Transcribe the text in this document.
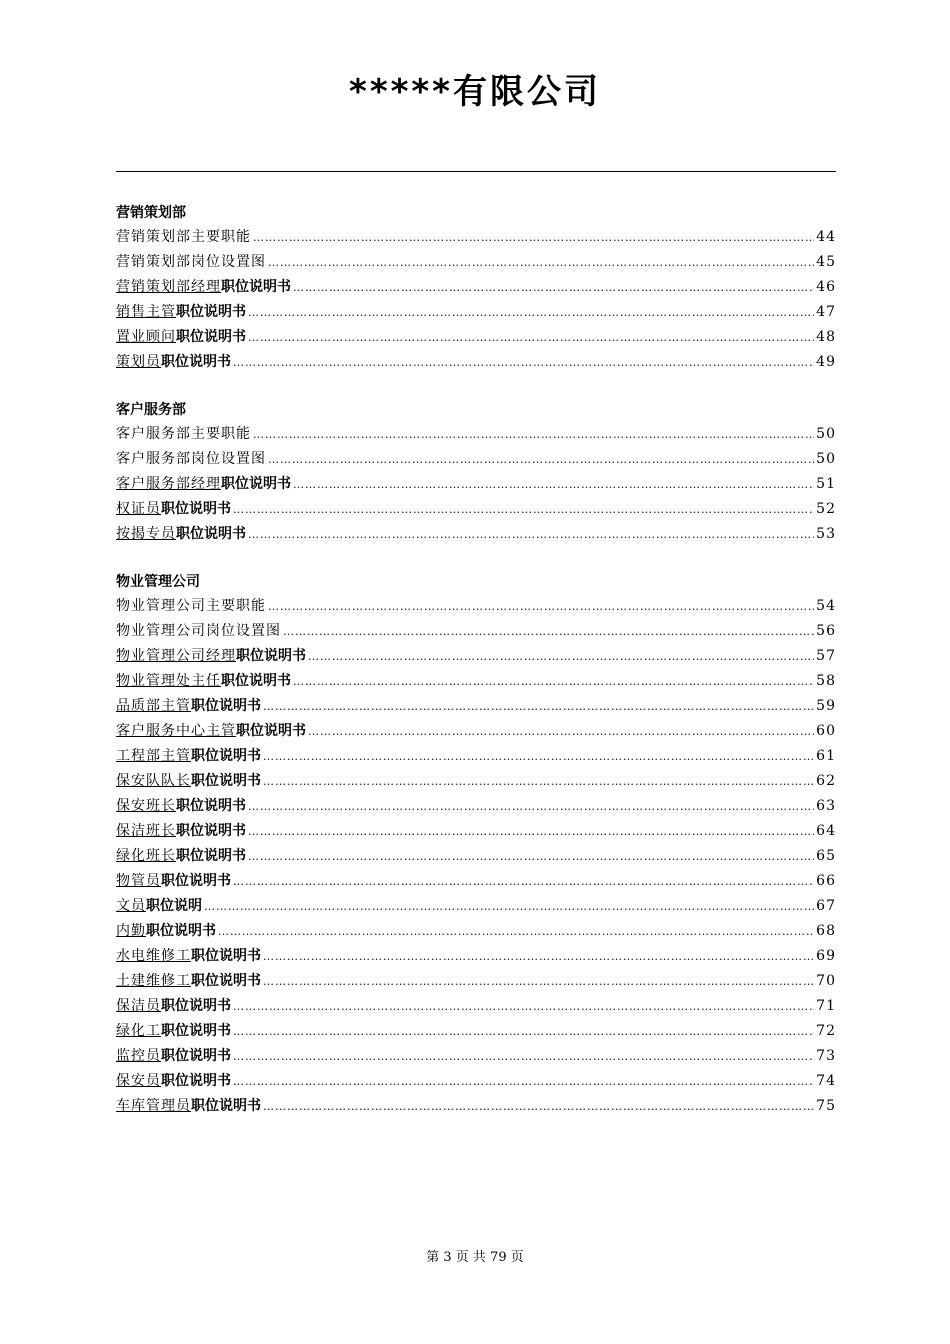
*****有限公司
营销策划部
营销策划部主要职能 ……………………………………………………………………………………………………………………………………………………………………………………	44
营销策划部岗位设置图 ……………………………………………………………………………………………………………………………………………………………………………………	45
营销策划部经理职位说明书 ……………………………………………………………………………………………………………………………………………………………………………………	46
销售主管职位说明书 ……………………………………………………………………………………………………………………………………………………………………………………	47
置业顾问职位说明书 ……………………………………………………………………………………………………………………………………………………………………………………	48
策划员职位说明书 ……………………………………………………………………………………………………………………………………………………………………………………	49
客户服务部
客户服务部主要职能 ……………………………………………………………………………………………………………………………………………………………………………………	50
客户服务部岗位设置图 ……………………………………………………………………………………………………………………………………………………………………………………	50
客户服务部经理职位说明书 ……………………………………………………………………………………………………………………………………………………………………………………	51
权证员职位说明书 ……………………………………………………………………………………………………………………………………………………………………………………	52
按揭专员职位说明书 ……………………………………………………………………………………………………………………………………………………………………………………	53
物业管理公司
物业管理公司主要职能 ……………………………………………………………………………………………………………………………………………………………………………………	54
物业管理公司岗位设置图 ……………………………………………………………………………………………………………………………………………………………………………………	56
物业管理公司经理职位说明书 ……………………………………………………………………………………………………………………………………………………………………………………	57
物业管理处主任职位说明书 ……………………………………………………………………………………………………………………………………………………………………………………	58
品质部主管职位说明书 ……………………………………………………………………………………………………………………………………………………………………………………	59
客户服务中心主管职位说明书 ……………………………………………………………………………………………………………………………………………………………………………………	60
工程部主管职位说明书 ……………………………………………………………………………………………………………………………………………………………………………………	61
保安队队长职位说明书 ……………………………………………………………………………………………………………………………………………………………………………………	62
保安班长职位说明书 ……………………………………………………………………………………………………………………………………………………………………………………	63
保洁班长职位说明书 ……………………………………………………………………………………………………………………………………………………………………………………	64
绿化班长职位说明书 ……………………………………………………………………………………………………………………………………………………………………………………	65
物管员职位说明书 ……………………………………………………………………………………………………………………………………………………………………………………	66
文员职位说明 ……………………………………………………………………………………………………………………………………………………………………………………	67
内勤职位说明书 ……………………………………………………………………………………………………………………………………………………………………………………	68
水电维修工职位说明书 ……………………………………………………………………………………………………………………………………………………………………………………	69
土建维修工职位说明书 ……………………………………………………………………………………………………………………………………………………………………………………	70
保洁员职位说明书 ……………………………………………………………………………………………………………………………………………………………………………………	71
绿化工职位说明书 ……………………………………………………………………………………………………………………………………………………………………………………	72
监控员职位说明书 ……………………………………………………………………………………………………………………………………………………………………………………	73
保安员职位说明书 ……………………………………………………………………………………………………………………………………………………………………………………	74
车库管理员职位说明书 ……………………………………………………………………………………………………………………………………………………………………………………	75
第 3 页 共 79 页
